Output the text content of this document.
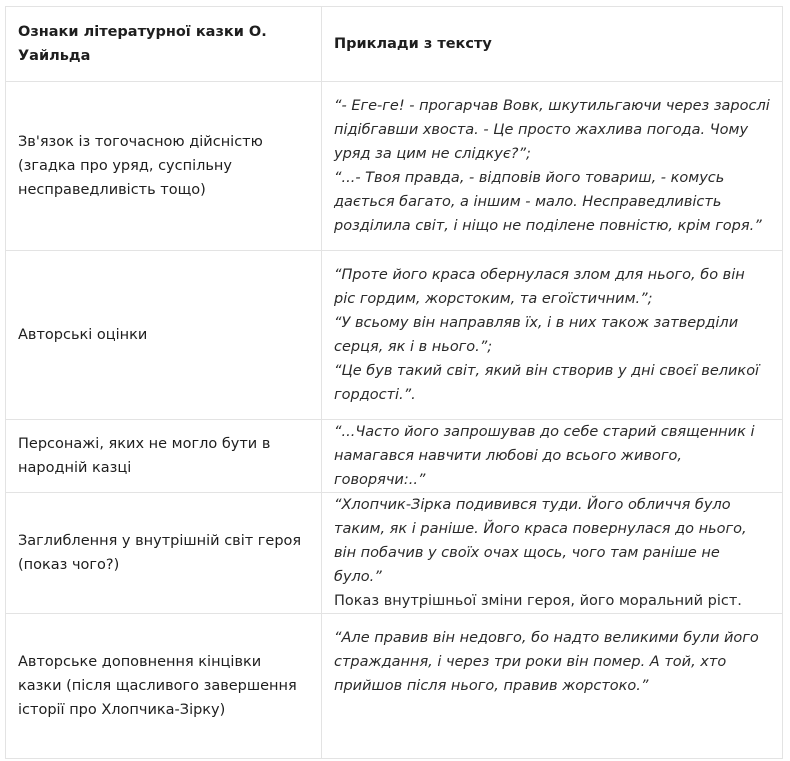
Ознаки літературної казки О. Уайльда	Приклади з тексту
Зв'язок із тогочасною дійсністю (згадка про уряд, суспільну несправедливість тощо)	“- Еге-ге! - прогарчав Вовк, шкутильгаючи через зарослі підібгавши хвоста. - Це просто жахлива погода. Чому уряд за цим не слідкує?”;
“...- Твоя правда, - відповів його товариш, - комусь дається багато, а іншим - мало. Несправедливість розділила світ, і ніщо не поділене повністю, крім горя.”

Авторські оцінки	“Проте його краса обернулася злом для нього, бо він ріс гордим, жорстоким, та егоїстичним.”;
“У всьому він направляв їх, і в них також затверділи серця, як і в нього.”;
“Це був такий світ, який він створив у дні своєї великої гордості.”.

Персонажі, яких не могло бути в народній казці	“...Часто його запрошував до себе старий священник і намагався навчити любові до всього живого, говорячи:..”

Заглиблення у внутрішній світ героя (показ чого?)	“Хлопчик-Зірка подивився туди. Його обличчя було таким, як і раніше. Його краса повернулася до нього, він побачив у своїх очах щось, чого там раніше не було.”
Показ внутрішньої зміни героя, його моральний ріст.

Авторське доповнення кінцівки казки (після щасливого завершення історії про Хлопчика-Зірку)	“Але правив він недовго, бо надто великими були його страждання, і через три роки він помер. А той, хто прийшов після нього, правив жорстоко.”
